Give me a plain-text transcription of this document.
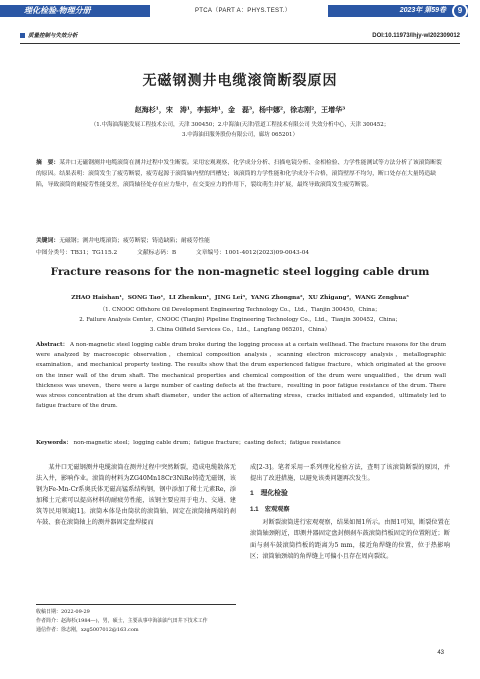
理化检验-物理分册	PTCA（PART A：PHYS.TEST.）	2023年 第59卷	9
质量控制与失效分析	DOI:10.11973/lhjy-wl202309012
无磁钢测井电缆滚筒断裂原因
赵海杉¹，宋　涛¹，李振坤¹，金　磊³，杨中娜²，徐志刚²，王增华³
（1.中海油海能发展工程技术公司，天津 300450；2.中海油(天津)管道工程技术有限公司 失效分析中心，天津 300452；
3.中海油田服务股份有限公司，廊坊 065201）
摘　要：某井口无磁钢测井电缆滚筒在测井过程中发生断裂。采用宏观观察、化学成分分析、扫描电镜分析、金相检验、力学性能测试等方法分析了该滚筒断裂的原因。结果表明：滚筒发生了疲劳断裂，疲劳起源于滚筒轴内壁的凹槽处；该滚筒的力学性能和化学成分不合格，滚筒壁厚不均匀，断口处存在大量铸造缺陷，导致滚筒的耐疲劳性能变差，滚筒轴径处存在应力集中，在交变应力的作用下，裂纹萌生并扩展，最终导致滚筒发生疲劳断裂。
关键词：无磁钢；测井电缆滚筒；疲劳断裂；铸造缺陷；耐疲劳性能
中图分类号：TB31；TG115.2	文献标志码：B	文章编号：1001-4012(2023)09-0043-04
Fracture reasons for the non-magnetic steel logging cable drum
ZHAO Haishan¹，SONG Tao¹，LI Zhenkun¹，JING Lei³，YANG Zhongna²，XU Zhigang²，WANG Zenghua³
（1. CNOOC Offshore Oil Development Engineering Technology Co.，Ltd.，Tianjin 300450，China；
2. Failure Analysis Center，CNOOC (Tianjin) Pipeline Engineering Technology Co.，Ltd.，Tianjin 300452，China；
3. China Oilfield Services Co.，Ltd.，Langfang 065201，China）
Abstract： A non-magnetic steel logging cable drum broke during the logging process at a certain wellhead. The fracture reasons for the drum were analyzed by macroscopic observation，chemical composition analysis，scanning electron microscopy analysis，metallographic examination，and mechanical property testing. The results show that the drum experienced fatigue fracture，which originated at the groove on the inner wall of the drum shaft. The mechanical properties and chemical composition of the drum were unqualified，the drum wall thickness was uneven，there were a large number of casting defects at the fracture，resulting in poor fatigue resistance of the drum. There was stress concentration at the drum shaft diameter，under the action of alternating stress，cracks initiated and expanded，ultimately led to fatigue fracture of the drum.
Keywords： non-magnetic steel；logging cable drum；fatigue fracture；casting defect；fatigue resistance

某井口无磁钢测井电缆滚筒在测井过程中突然断裂，造成电缆散落无法入井，影响作业。滚筒的材料为ZG40Mn18Cr3NiRe铸造无磁钢，该钢为Fe-Mn-Cr系奥氏体无磁高锰系结构钢，钢中添加了稀土元素Re，添加稀土元素可以提高材料的耐疲劳性能，该钢主要应用于电力、交通、建筑等民用领域[1]。滚筒本体是由筒状的滚筒轴、固定在滚筒轴两端的刹车鼓、套在滚筒轴上的测井器固定盘焊接而

成[2-3]。笔者采用一系列理化检验方法，查明了该滚筒断裂的原因，并提出了改进措施，以避免该类问题再次发生。

1　理化检验
1.1　宏观观察

对断裂滚筒进行宏观观察，结果如图1所示。由图1可知，断裂位置在滚筒轴颈附近，即测井器固定盘封侧刹车鼓滚筒挡板固定的位置附近；断面与刹车鼓滚筒挡板的距离为5 mm，接近角焊缝的位置，位于热影响区；滚筒轴颈端的角焊缝上可偏小且存在周向裂纹。

收稿日期：2022-09-29
作者简介：赵海杉(1984—)，男，硕士，主要从事中海油油气田井下技术工作
通信作者：徐志刚，xzg5007012@163.com
43
